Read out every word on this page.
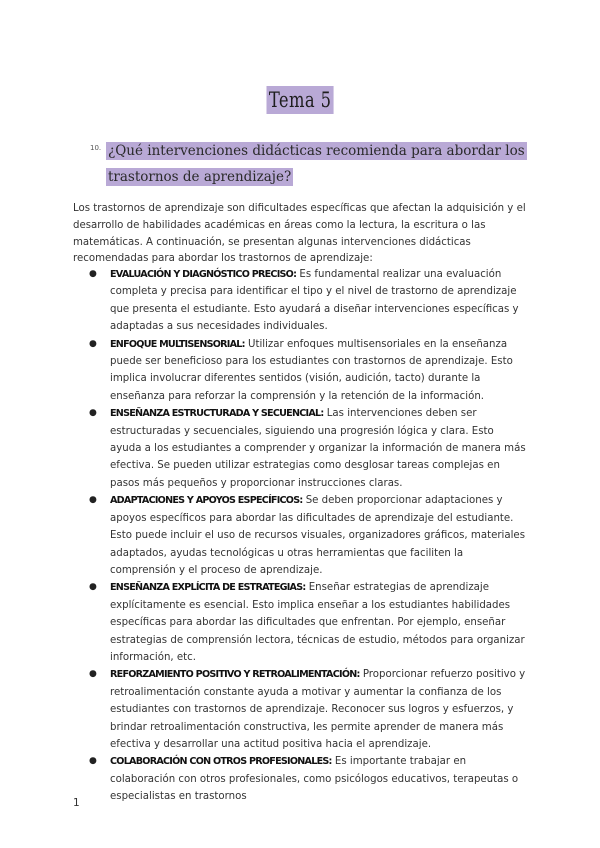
Tema 5
10. ¿Qué intervenciones didácticas recomienda para abordar los trastornos de aprendizaje?

Los trastornos de aprendizaje son dificultades específicas que afectan la adquisición y el desarrollo de habilidades académicas en áreas como la lectura, la escritura o las matemáticas. A continuación, se presentan algunas intervenciones didácticas recomendadas para abordar los trastornos de aprendizaje:

● EVALUACIÓN Y DIAGNÓSTICO PRECISO: Es fundamental realizar una evaluación completa y precisa para identificar el tipo y el nivel de trastorno de aprendizaje que presenta el estudiante. Esto ayudará a diseñar intervenciones específicas y adaptadas a sus necesidades individuales.
● ENFOQUE MULTISENSORIAL: Utilizar enfoques multisensoriales en la enseñanza puede ser beneficioso para los estudiantes con trastornos de aprendizaje. Esto implica involucrar diferentes sentidos (visión, audición, tacto) durante la enseñanza para reforzar la comprensión y la retención de la información.
● ENSEÑANZA ESTRUCTURADA Y SECUENCIAL: Las intervenciones deben ser estructuradas y secuenciales, siguiendo una progresión lógica y clara. Esto ayuda a los estudiantes a comprender y organizar la información de manera más efectiva. Se pueden utilizar estrategias como desglosar tareas complejas en pasos más pequeños y proporcionar instrucciones claras.
● ADAPTACIONES Y APOYOS ESPECÍFICOS: Se deben proporcionar adaptaciones y apoyos específicos para abordar las dificultades de aprendizaje del estudiante. Esto puede incluir el uso de recursos visuales, organizadores gráficos, materiales adaptados, ayudas tecnológicas u otras herramientas que faciliten la comprensión y el proceso de aprendizaje.
● ENSEÑANZA EXPLÍCITA DE ESTRATEGIAS: Enseñar estrategias de aprendizaje explícitamente es esencial. Esto implica enseñar a los estudiantes habilidades específicas para abordar las dificultades que enfrentan. Por ejemplo, enseñar estrategias de comprensión lectora, técnicas de estudio, métodos para organizar información, etc.
● REFORZAMIENTO POSITIVO Y RETROALIMENTACIÓN: Proporcionar refuerzo positivo y retroalimentación constante ayuda a motivar y aumentar la confianza de los estudiantes con trastornos de aprendizaje. Reconocer sus logros y esfuerzos, y brindar retroalimentación constructiva, les permite aprender de manera más efectiva y desarrollar una actitud positiva hacia el aprendizaje.
● COLABORACIÓN CON OTROS PROFESIONALES: Es importante trabajar en colaboración con otros profesionales, como psicólogos educativos, terapeutas o especialistas en trastornos
1
